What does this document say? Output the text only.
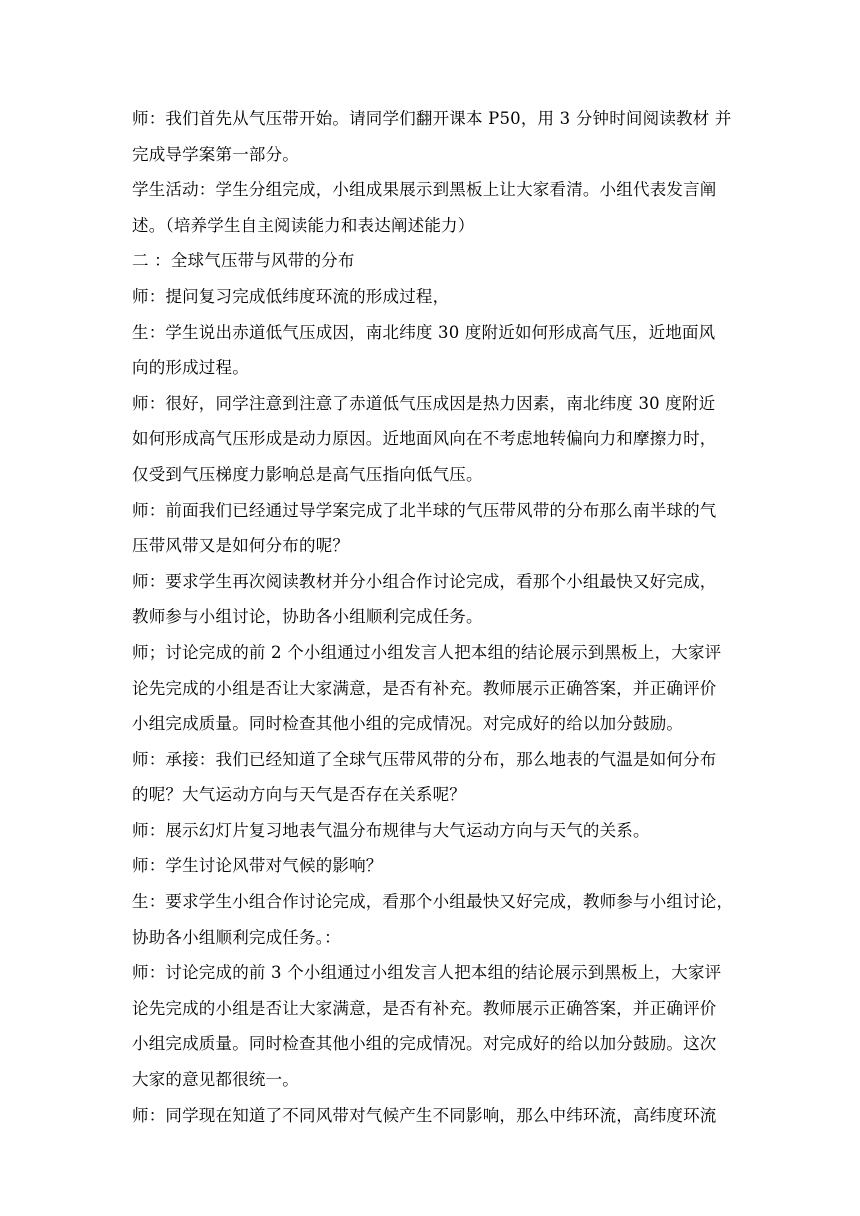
师：我们首先从气压带开始。请同学们翻开课本 P50，用 3 分钟时间阅读教材 并
完成导学案第一部分。

学生活动：学生分组完成，小组成果展示到黑板上让大家看清。小组代表发言阐
述。（培养学生自主阅读能力和表达阐述能力）

二 ：全球气压带与风带的分布

师：提问复习完成低纬度环流的形成过程，

生：学生说出赤道低气压成因，南北纬度 30 度附近如何形成高气压，近地面风
向的形成过程。

师：很好，同学注意到注意了赤道低气压成因是热力因素，南北纬度 30 度附近
如何形成高气压形成是动力原因。近地面风向在不考虑地转偏向力和摩擦力时，
仅受到气压梯度力影响总是高气压指向低气压。

师：前面我们已经通过导学案完成了北半球的气压带风带的分布那么南半球的气
压带风带又是如何分布的呢？

师：要求学生再次阅读教材并分小组合作讨论完成，看那个小组最快又好完成，
教师参与小组讨论，协助各小组顺利完成任务。

师；讨论完成的前 2 个小组通过小组发言人把本组的结论展示到黑板上，大家评
论先完成的小组是否让大家满意，是否有补充。教师展示正确答案，并正确评价
小组完成质量。同时检查其他小组的完成情况。对完成好的给以加分鼓励。

师：承接：我们已经知道了全球气压带风带的分布，那么地表的气温是如何分布
的呢？大气运动方向与天气是否存在关系呢？

师：展示幻灯片复习地表气温分布规律与大气运动方向与天气的关系。

师：学生讨论风带对气候的影响？

生：要求学生小组合作讨论完成，看那个小组最快又好完成，教师参与小组讨论，
协助各小组顺利完成任务。：

师：讨论完成的前 3 个小组通过小组发言人把本组的结论展示到黑板上，大家评
论先完成的小组是否让大家满意，是否有补充。教师展示正确答案，并正确评价
小组完成质量。同时检查其他小组的完成情况。对完成好的给以加分鼓励。这次
大家的意见都很统一。

师：同学现在知道了不同风带对气候产生不同影响，那么中纬环流，高纬度环流
